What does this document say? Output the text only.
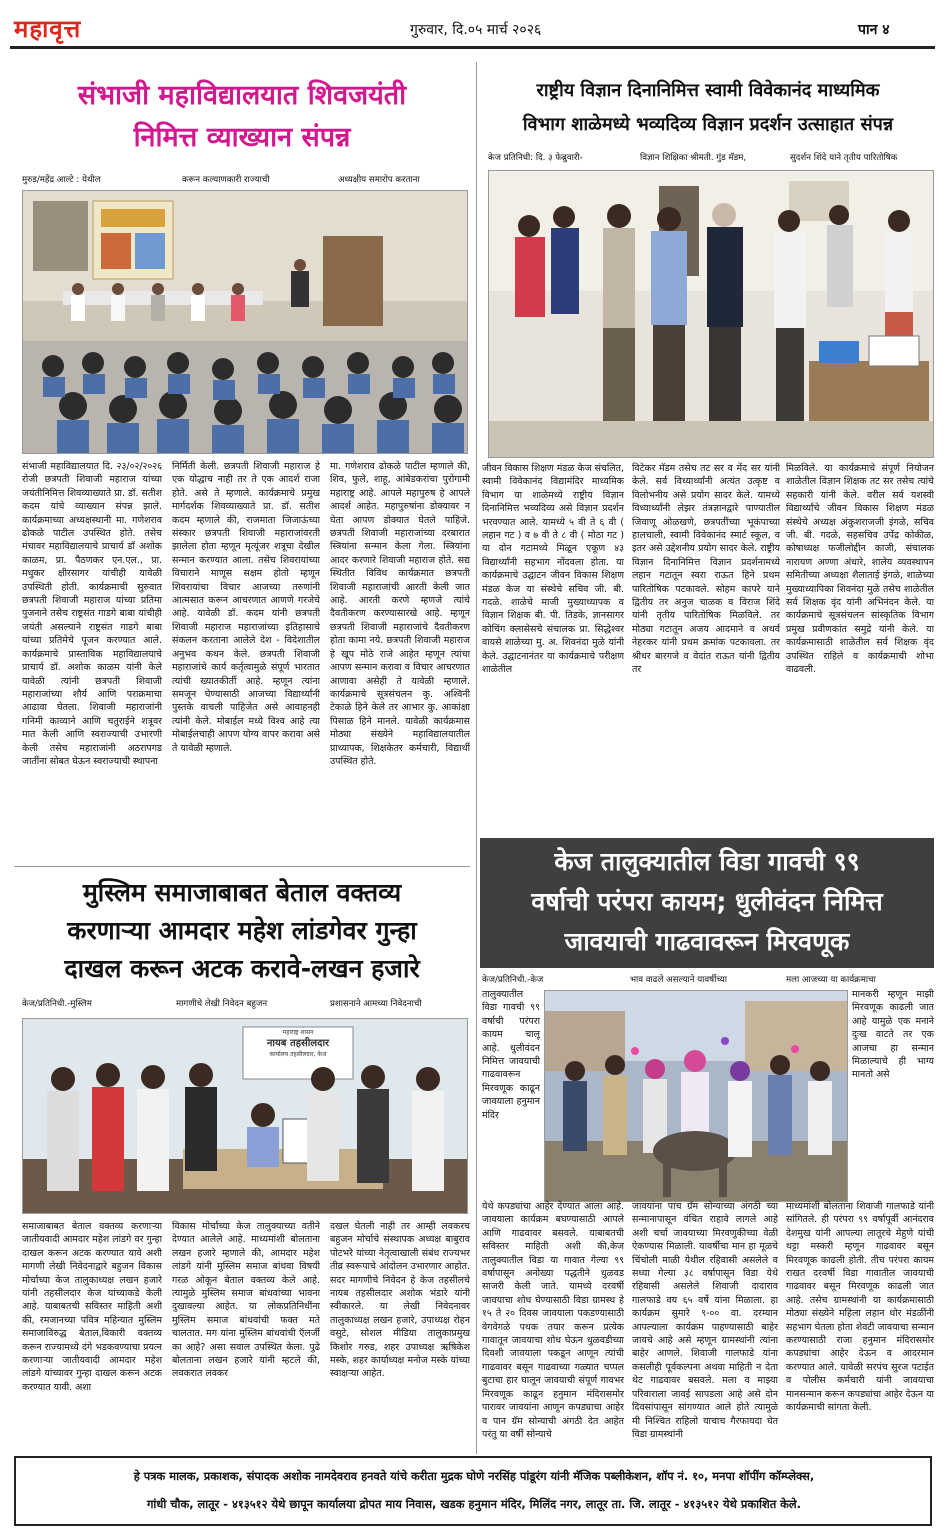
महावृत्त	गुरुवार, दि.०५ मार्च २०२६	पान ४
संभाजी महाविद्यालयात शिवजयंती
निमित्त व्याख्यान संपन्न
मुरुड/महेंद्र आल्टे : येथील	करून कल्याणकारी राज्याची	अध्यक्षीय समारोप करताना
संभाजी महाविद्यालयात दि. २३/०२/२०२६ रोजी छत्रपती शिवाजी महाराज यांच्या जयंतीनिमित्त शिवव्याख्याते प्रा. डॉ. सतीश कदम यांचे व्याख्यान संपन्न झाले. कार्यक्रमाच्या अध्यक्षस्थानी मा. गणेशराव ढोकळे पाटील उपस्थित होते. तसेच मंचावर महाविद्यालयाचे प्राचार्य डॉ अशोक काळम, प्रा. पैठणकर एन.एल., प्रा. मधुकर क्षीरसागर यांचीही यावेळी उपस्थिती होती. कार्यक्रमाची सुरुवात छत्रपती शिवाजी महाराज यांच्या प्रतिमा पुजनाने तसेच राष्ट्रसंत गाडगे बाबा यांचीही जयंती असल्याने राष्ट्रसंत गाडगे बाबा यांच्या प्रतिमेचे पूजन करण्यात आले. कार्यक्रमाचे प्रास्ताविक महाविद्यालयाचे प्राचार्य डॉ. अशोक काळम यांनी केले यावेळी त्यांनी छत्रपती शिवाजी महाराजांच्या शौर्य आणि पराक्रमाचा आढावा घेतला. शिवाजी महाराजांनी गनिमी काव्याने आणि चतुराईने शत्रूवर मात केली आणि स्वराज्याची उभारणी केली तसेच महाराजांनी अठरापगड जातींना सोबत घेऊन स्वराज्याची स्थापना
निर्मिती केली. छत्रपती शिवाजी महाराज हे एक योद्धाच नाही तर ते एक आदर्श राजा होते. असे ते म्हणाले. कार्यक्रमाचे प्रमुख मार्गदर्शक शिवव्याख्याते प्रा. डॉ. सतीश कदम म्हणाले की, राजमाता जिजाऊंच्या संस्कार छत्रपती शिवाजी महाराजांवरती झालेला होता म्हणून मृत्यूंजर शत्रूचा देखील सन्मान करण्यात आला. तसेच शिवरायांच्या विचाराने माणूस सक्षम होतो म्हणून शिवरायांचा विचार आजच्या तरुणांनी आत्मसात करून आचरणात आणणे गरजेचे आहे. यावेळी डॉ. कदम यांनी छत्रपती शिवाजी महाराज महाराजांच्या इतिहासाचे संकलन करताना आलेले देश - विदेशातील अनुभव कथन केले. छत्रपती शिवाजी महाराजांचे कार्य कर्तृत्वामुळे संपूर्ण भारतात त्यांची ख्यातकीर्ती आहे. म्हणून त्यांना समजून घेण्यासाठी आजच्या विद्यार्थ्यांनी पुस्तके वाचली पाहिजेत असे आवाहनही त्यांनी केले. मोबाईल मध्ये विश्व आहे त्या मोबाईलचाही आपण योग्य वापर करावा असे ते यावेळी म्हणाले.
मा. गणेशराव ढोकळे पाटील म्हणाले की, शिव, फुले, शाहू, आंबेडकरांचा पुरोगामी महाराष्ट्र आहे. आपले महापुरुष हे आपले आदर्श आहेत. महापुरुषांना डोक्यावर न घेता आपण डोक्यात घेतले पाहिजे. छत्रपती शिवाजी महाराजांच्या दरबारात स्त्रियांना सन्मान केला गेला. स्त्रियांना आदर करणारे शिवाजी महाराज होते. सद्य स्थितीत विविध कार्यक्रमात छत्रपती शिवाजी महाराजांची आरती केली जात आहे. आरती करणे म्हणजे त्यांचे दैवतीकरण करण्यासारखे आहे. म्हणून छत्रपती शिवाजी महाराजांचे दैवतीकरण होता कामा नये. छत्रपती शिवाजी महाराज हे खूप मोठे राजे आहेत म्हणून त्यांचा आपण सन्मान करावा व विचार आचरणात आणावा असेही ते यावेळी म्हणाले. कार्यक्रमाचे सूत्रसंचलन कु. अश्विनी टेकाळे हिने केले तर आभार कु. आकांक्षा पिसाळ हिने मानले. यावेळी कार्यक्रमास मोठ्या संख्येने महाविद्यालयातील प्राध्यापक, शिक्षकेतर कर्मचारी, विद्यार्थी उपस्थित होते.
राष्ट्रीय विज्ञान दिनानिमित्त स्वामी विवेकानंद माध्यमिक
विभाग शाळेमध्ये भव्यदिव्य विज्ञान प्रदर्शन उत्साहात संपन्न
केज प्रतिनिधी: दि. ३ फेब्रुवारी-	विज्ञान शिक्षिका श्रीमती. गुंड मॅडम,	सुदर्शन शिंदे याने तृतीय पारितोषिक
जीवन विकास शिक्षण मंडळ केज संचलित, स्वामी विवेकानंद विद्यामंदिर माध्यमिक विभाग या शाळेमध्ये राष्ट्रीय विज्ञान दिनानिमित्त भव्यदिव्य असे विज्ञान प्रदर्शन भरवण्यात आले. यामध्ये ५ वी ते ६ वी ( लहान गट ) व ७ वी ते ८ वी ( मोठा गट ) या दोन गटामध्ये मिळून एकूण ४३ विद्यार्थ्यांनी सहभाग नोंदवला होता. या कार्यक्रमाचे उद्घाटन जीवन विकास शिक्षण मंडळ केज या संस्थेचे सचिव जी. बी. गदळे. शाळेचे माजी मुख्याध्यापक व विज्ञान शिक्षक बी. पी. तिडके, ज्ञानसागर कोचिंग क्लासेसचे संचालक प्रा. सिद्धेश्वर वायसे शाळेच्या मु. अ. शिवनंदा मुळे यांनी केले. उद्घाटनानंतर या कार्यक्रमाचे परीक्षण शाळेतील
विटेकर मॅडम तसेच तट सर व मेंद सर यांनी केले. सर्व विध्यार्थ्यांनी अत्यंत उत्कृष्ट व विलोभनीय असे प्रयोग सादर केले. यामध्ये विध्यार्थ्यांनी लेझर तंत्रज्ञानद्वारे पाण्यातील जिवाणू ओळखणे, छत्रपतींच्या भूकंपाच्या हालचाली, स्वामी विवेकानंद स्मार्ट स्कूल, व इतर असे उद्देशनीय प्रयोग सादर केले. राष्ट्रीय विज्ञान दिनानिमित्त विज्ञान प्रदर्शनामध्ये लहान गटातून स्वरा राऊत हिने प्रथम पारितोषिक पटकावले. सोहम कापरे याने द्वितीय तर अनुज चाळक व विराज शिंदे यांनी तृतीय पारितोषिक मिळविले. तर मोठ्या गटातून अजय आदमाने व अथर्व नेहरकर यांनी प्रथम क्रमांक पटकावला. तर श्रीधर बारगजे व वेदांत राऊत यांनी द्वितीय तर
मिळविले. या कार्यक्रमाचे संपूर्ण नियोजन शाळेतील विज्ञान शिक्षक तट सर तसेच त्यांचे सहकारी यांनी केले. वरील सर्व यशस्वी विद्यार्थ्यांचे जीवन विकास शिक्षण मंडळ संस्थेचे अध्यक्ष अंकुशराजजी इंगळे, सचिव जी. बी. गदळे, सहसचिव उपेंद्र कोकीळ, कोषाध्यक्ष फजीलोद्दीन काजी, संचालक नारायण अण्णा अंधारे, शालेय व्यवस्थापन समितीच्या अध्यक्षा शैलाताई इंगळे, शाळेच्या मुख्याध्यापिका शिवनंदा मुळे तसेच शाळेतील सर्व शिक्षक वृंद यांनी अभिनंदन केले. या कार्यक्रमाचे सूत्रसंचलन सांस्कृतिक विभाग प्रमुख प्रवीणकांत समुद्रे यांनी केले. या कार्यक्रमासाठी शाळेतील सर्व शिक्षक वृंद उपस्थित राहिले व कार्यक्रमाची शोभा वाढवली.
केज तालुक्यातील विडा गावची ९९
वर्षाची परंपरा कायम; धुलीवंदन निमित्त
जावयाची गाढवावरून मिरवणूक
केज/प्रतिनिधी.-केज	भाव वाढले असल्याने यावर्षीच्या	मला आजच्या या कार्यक्रमाचा
तालुक्यातील विडा गावची ९९ वर्षाची परंपरा कायम चालू आहे. धुलीवंदन निमित्त जावयाची गाढवावरून मिरवणूक काढून जावयाला हनुमान मंदिर
मानकरी म्हणून माझी मिरवणूक काढली जात आहे यामुळे एक मनाने दुःख वाटते तर एक आजचा हा सन्मान मिळाल्याचे ही भाग्य मानतो असे
येथे कपड्यांचा आहेर देण्यात आला आहे. जावयाला कार्यक्रम बघण्यासाठी आपले आणि गाढवावर बसवले. याबाबतची सविस्तर माहिती अशी की,केज तालुक्यातील विडा या गावात गेल्या ९९ वर्षापासून अनोख्या पद्धतीने धुळवड साजरी केली जाते. यामध्ये दरवर्षी जावयाचा शोध घेण्यासाठी विडा ग्रामस्थ हे १५ ते २० दिवस जावयाला पकडण्यासाठी वेगवेगळे पथक तयार करून प्रत्येक गावातून जावयाचा शोध घेऊन धुळवडीच्या दिवशी जावयाला पकडून आणून त्यांची गाढवावर बसून गाढवाच्या गळ्यात चप्पल बुटाचा हार घालून जावयाची संपूर्ण गावभर मिरवणूक काढून हनुमान मंदिरासमोर पारावर जावयांना आणून कपड्याचा आहेर व पान ग्रॅम सोन्याची अंगठी देत आहेत परंतु या वर्षी सोन्याचे
जावयांना पाच ग्रॅम सोन्याच्या अंगठी च्या सन्मानापासून वंचित राहावे लागले आहे अशी चर्चा जावयाच्या मिरवणुकीच्या वेळी ऐकण्यास मिळाली. यावर्षीचा मान हा मूळचे चिंचोली माळी येथील रहिवासी असलेले व सध्या गेल्या ३८ वर्षापासून विडा येथे रहिवासी असलेले शिवाजी दादाराव गालफाडे वय ६५ वर्षे यांना मिळाला. हा कार्यक्रम सुमारे ९-०० वा. दरम्यान आपल्याला कार्यक्रम पाहण्यासाठी बाहेर जायचे आहे असे म्हणून ग्रामस्थांनी त्यांना बाहेर आणले. शिवाजी गालफाडे यांना कसलीही पूर्वकल्पना अथवा माहिती न देता थेट गाढवावर बसवले. मला व माझ्या परिवाराला जावई सापडला आहे असे दोन दिवसांपासून सांगण्यात आले होते त्यामुळे मी निश्चित राहिलो याचाच गैरफायदा घेत विडा ग्रामस्थांनी
माध्यमांशी बोलताना शिवाजी गालफाडे यांनी सांगितले. ही परंपरा ९९ वर्षापूर्वी आनंदराव देशमुख यांनी आपल्या लातूरचे मेहुणे यांची थट्टा मस्करी म्हणून गाढवावर बसून मिरवणूक काढली होती. तीच परंपरा कायम राखत दरवर्षी विडा गावातील जावयाची गाढवावर बसून मिरवणूक काढली जात आहे. तसेच ग्रामस्थांनी या कार्यक्रमासाठी मोठ्या संख्येने महिला लहान थोर मंडळींनी सहभाग घेतला होता शेवटी जावयाचा सन्मान करण्यासाठी राजा हनुमान मंदिरासमोर कपड्यांचा आहेर देऊन व आदरमान करण्यात आले. यावेळी सरपंच सुरज पटाईत व पोलीस कर्मचारी यांनी जावयाचा मानसन्मान करून कपड्यांचा आहेर देऊन या कार्यक्रमाची सांगता केली.
मुस्लिम समाजाबाबत बेताल वक्तव्य
करणाऱ्या आमदार महेश लांडगेवर गुन्हा
दाखल करून अटक करावे-लखन हजारे
केज/प्रतिनिधी.-मुस्लिम	मागणीचे लेखी निवेदन बहुजन	प्रशासनाने आमच्या निवेदनाची
महाराष्ट्र शासन
नायब तहसीलदार
कार्यालय तहसीलदार, केज
समाजाबाबत बेताल वक्तव्य करणाऱ्या जातीयवादी आमदार महेश लांडगे वर गुन्हा दाखल करून अटक करण्यात यावे अशी मागणी लेखी निवेदनाद्वारे बहुजन विकास मोर्चाच्या केज तालुकाध्यक्ष लखन हजारे यांनी तहसीलदार केज यांच्याकडे केली आहे. याबाबतची सविस्तर माहिती अशी की, रमजानच्या पवित्र महिन्यात मुस्लिम समाजाविरुद्ध बेताल,विकारी वक्तव्य करून राज्यामध्ये दंगे भडकवण्याचा प्रयत्न करणाऱ्या जातीयवादी आमदार महेश लांडगे यांच्यावर गुन्हा दाखल करून अटक करण्यात यावी. अशा
विकास मोर्चाच्या केज तालुक्याच्या वतीने देण्यात आलेले आहे. माध्यमांशी बोलताना लखन हजारे म्हणाले की, आमदार महेश लांडगे यांनी मुस्लिम समाज बांधवा विषयी गरळ ओकून बेताल वक्तव्य केले आहे. त्यामुळे मुस्लिम समाज बांधवांच्या भावना दुखावल्या आहेत. या लोकप्रतिनिधींना मुस्लिम समाज बांधवांची फक्त मते चालतात. मग यांना मुस्लिम बांधवांची ऍलर्जी का आहे? असा सवाल उपस्थित केला. पुढे बोलताना लखन हजारे यांनी म्हटले की, लवकरात लवकर
दखल घेतली नाही तर आम्ही लवकरच बहुजन मोर्चाचे संस्थापक अध्यक्ष बाबुराव पोटभरे यांच्या नेतृत्वाखाली संबंध राज्यभर तीव्र स्वरूपाचे आंदोलन उभारणार आहोत. सदर मागणीचे निवेदन हे केज तहसीलचे नायब तहसीलदार अशोक भंडारे यांनी स्वीकारले. या लेखी निवेदनावर तालुकाध्यक्ष लखन हजारे, उपाध्यक्ष रोहन वसुटे, सोशल मीडिया तालुकाप्रमुख किशोर गरुड, शहर उपाध्यक्ष ऋषिकेश मस्के, शहर कार्याध्यक्ष मनोज मस्के यांच्या स्वाक्षऱ्या आहेत.
हे पत्रक मालक, प्रकाशक, संपादक अशोक नामदेवराव हनवते यांचे करीता मुद्रक घोणे नरसिंह पांडूरंग यांनी मॅजिक पब्लीकेशन, शॉप नं. १०, मनपा शॉपींग कॉम्प्लेक्स,
गांधी चौक, लातूर - ४१३५१२ येथे छापून कार्यालया द्रोपत माय निवास, खडक हनुमान मंदिर, मिलिंद नगर, लातूर ता. जि. लातूर - ४१३५१२ येथे प्रकाशित केले.
